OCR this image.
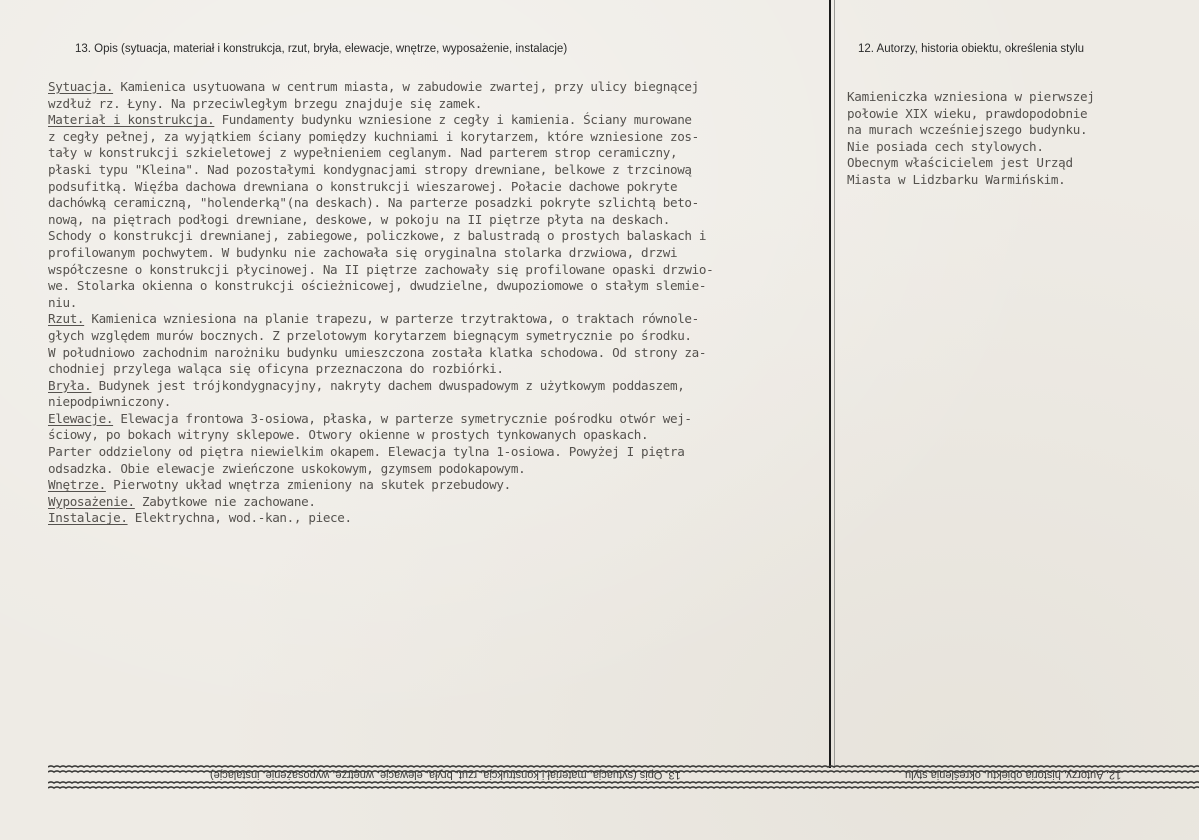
13. Opis (sytuacja, materiał i konstrukcja, rzut, bryła, elewacje, wnętrze, wyposażenie, instalacje)	12. Autorzy, historia obiektu, określenia stylu

Sytuacja. Kamienica usytuowana w centrum miasta, w zabudowie zwartej, przy ulicy biegnącej

wzdłuż rz. Łyny. Na przeciwległym brzegu znajduje się zamek.

Materiał i konstrukcja. Fundamenty budynku wzniesione z cegły i kamienia. Ściany murowane

z cegły pełnej, za wyjątkiem ściany pomiędzy kuchniami i korytarzem, które wzniesione zos-

tały w konstrukcji szkieletowej z wypełnieniem ceglanym. Nad parterem strop ceramiczny,

płaski typu "Kleina". Nad pozostałymi kondygnacjami stropy drewniane, belkowe z trzcinową

podsufitką. Więźba dachowa drewniana o konstrukcji wieszarowej. Połacie dachowe pokryte

dachówką ceramiczną, "holenderką"(na deskach). Na parterze posadzki pokryte szlichtą beto-

nową, na piętrach podłogi drewniane, deskowe, w pokoju na II piętrze płyta na deskach.

Schody o konstrukcji drewnianej, zabiegowe, policzkowe, z balustradą o prostych balaskach i

profilowanym pochwytem. W budynku nie zachowała się oryginalna stolarka drzwiowa, drzwi

współczesne o konstrukcji płycinowej. Na II piętrze zachowały się profilowane opaski drzwio-

we. Stolarka okienna o konstrukcji ościeżnicowej, dwudzielne, dwupoziomowe o stałym slemie-

niu.

Rzut. Kamienica wzniesiona na planie trapezu, w parterze trzytraktowa, o traktach równole-

głych względem murów bocznych. Z przelotowym korytarzem biegnącym symetrycznie po środku.

W południowo zachodnim narożniku budynku umieszczona została klatka schodowa. Od strony za-

chodniej przylega waląca się oficyna przeznaczona do rozbiórki.

Bryła. Budynek jest trójkondygnacyjny, nakryty dachem dwuspadowym z użytkowym poddaszem,

niepodpiwniczony.

Elewacje. Elewacja frontowa 3-osiowa, płaska, w parterze symetrycznie pośrodku otwór wej-

ściowy, po bokach witryny sklepowe. Otwory okienne w prostych tynkowanych opaskach.

Parter oddzielony od piętra niewielkim okapem. Elewacja tylna 1-osiowa. Powyżej I piętra

odsadzka. Obie elewacje zwieńczone uskokowym, gzymsem podokapowym.

Wnętrze. Pierwotny układ wnętrza zmieniony na skutek przebudowy.

Wyposażenie. Zabytkowe nie zachowane.

Instalacje. Elektrychna, wod.-kan., piece.

Kamieniczka wzniesiona w pierwszej

połowie XIX wieku, prawdopodobnie

na murach wcześniejszego budynku.

Nie posiada cech stylowych.

Obecnym właścicielem jest Urząd

Miasta w Lidzbarku Warmińskim.

13. Opis (sytuacja, materiał i konstrukcja, rzut, bryła, elewacje, wnętrze, wyposażenie, instalacje)	12. Autorzy, historia obiektu, określenia stylu
